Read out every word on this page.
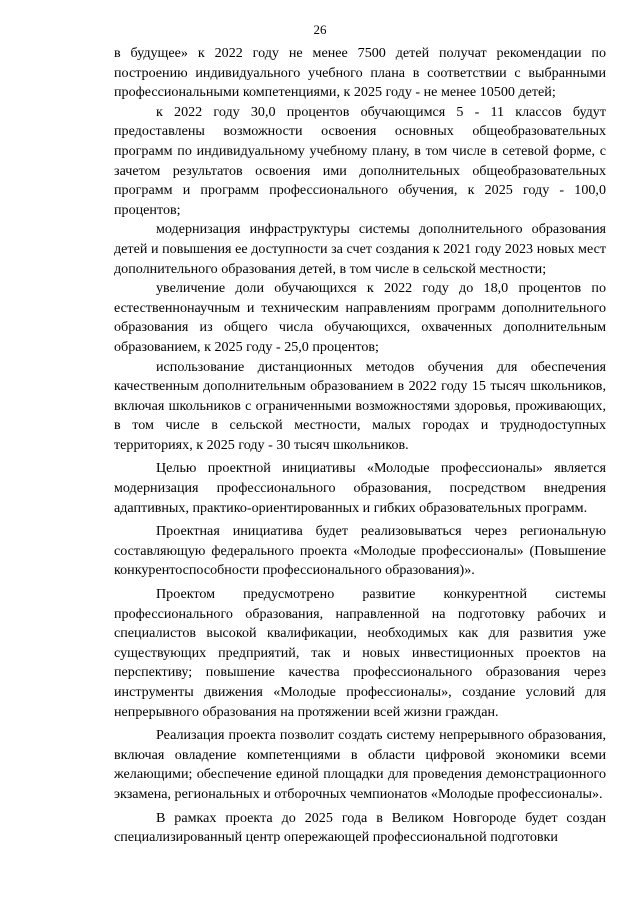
26

в будущее» к 2022 году не менее 7500 детей получат рекомендации по построению индивидуального учебного плана в соответствии с выбранными профессиональными компетенциями, к 2025 году - не менее 10500 детей;

к 2022 году 30,0 процентов обучающимся 5 - 11 классов будут предоставлены возможности освоения основных общеобразовательных программ по индивидуальному учебному плану, в том числе в сетевой форме, с зачетом результатов освоения ими дополнительных общеобразовательных программ и программ профессионального обучения, к 2025 году - 100,0 процентов;

модернизация инфраструктуры системы дополнительного образования детей и повышения ее доступности за счет создания к 2021 году 2023 новых мест дополнительного образования детей, в том числе в сельской местности;

увеличение доли обучающихся к 2022 году до 18,0 процентов по естественнонаучным и техническим направлениям программ дополнительного образования из общего числа обучающихся, охваченных дополнительным образованием, к 2025 году - 25,0 процентов;

использование дистанционных методов обучения для обеспечения качественным дополнительным образованием в 2022 году 15 тысяч школьников, включая школьников с ограниченными возможностями здоровья, проживающих, в том числе в сельской местности, малых городах и труднодоступных территориях, к 2025 году - 30 тысяч школьников.

Целью проектной инициативы «Молодые профессионалы» является модернизация профессионального образования, посредством внедрения адаптивных, практико-ориентированных и гибких образовательных программ.

Проектная инициатива будет реализовываться через региональную составляющую федерального проекта «Молодые профессионалы» (Повышение конкурентоспособности профессионального образования)».

Проектом предусмотрено развитие конкурентной системы профессионального образования, направленной на подготовку рабочих и специалистов высокой квалификации, необходимых как для развития уже существующих предприятий, так и новых инвестиционных проектов на перспективу; повышение качества профессионального образования через инструменты движения «Молодые профессионалы», создание условий для непрерывного образования на протяжении всей жизни граждан.

Реализация проекта позволит создать систему непрерывного образования, включая овладение компетенциями в области цифровой экономики всеми желающими; обеспечение единой площадки для проведения демонстрационного экзамена, региональных и отборочных чемпионатов «Молодые профессионалы».

В рамках проекта до 2025 года в Великом Новгороде будет создан специализированный центр опережающей профессиональной подготовки
